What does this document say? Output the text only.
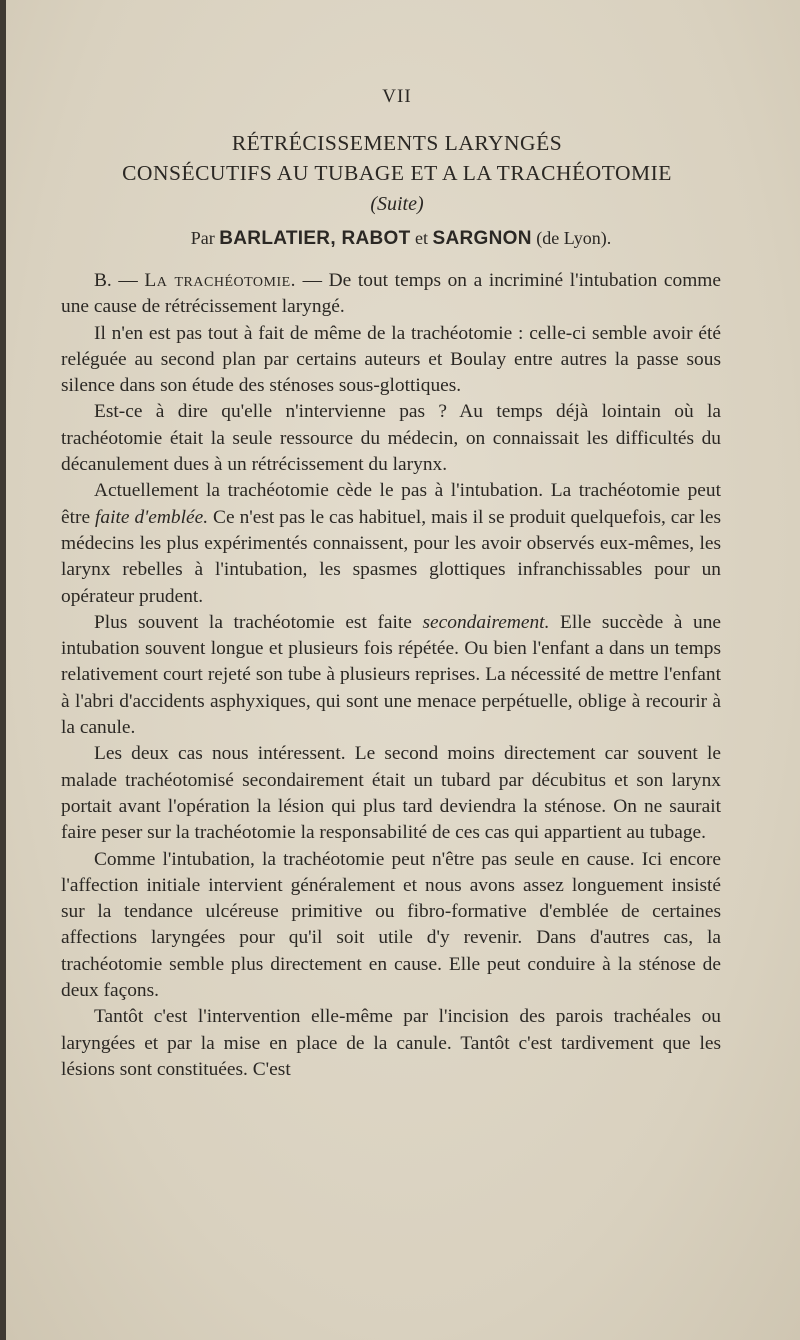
VII
RÉTRÉCISSEMENTS LARYNGÉS
CONSÉCUTIFS AU TUBAGE ET A LA TRACHÉOTOMIE
(Suite)
Par BARLATIER, RABOT et SARGNON (de Lyon).

B. — La trachéotomie. — De tout temps on a incriminé l'intubation comme une cause de rétrécissement laryngé.

Il n'en est pas tout à fait de même de la trachéotomie : celle-ci semble avoir été reléguée au second plan par certains auteurs et Boulay entre autres la passe sous silence dans son étude des sténoses sous-glottiques.

Est-ce à dire qu'elle n'intervienne pas ? Au temps déjà lointain où la trachéotomie était la seule ressource du médecin, on connaissait les difficultés du décanulement dues à un rétrécissement du larynx.

Actuellement la trachéotomie cède le pas à l'intubation. La trachéotomie peut être faite d'emblée. Ce n'est pas le cas habituel, mais il se produit quelquefois, car les médecins les plus expérimentés connaissent, pour les avoir observés eux-mêmes, les larynx rebelles à l'intubation, les spasmes glottiques infranchissables pour un opérateur prudent.

Plus souvent la trachéotomie est faite secondairement. Elle succède à une intubation souvent longue et plusieurs fois répétée. Ou bien l'enfant a dans un temps relativement court rejeté son tube à plusieurs reprises. La nécessité de mettre l'enfant à l'abri d'accidents asphyxiques, qui sont une menace perpétuelle, oblige à recourir à la canule.

Les deux cas nous intéressent. Le second moins directement car souvent le malade trachéotomisé secondairement était un tubard par décubitus et son larynx portait avant l'opération la lésion qui plus tard deviendra la sténose. On ne saurait faire peser sur la trachéotomie la responsabilité de ces cas qui appartient au tubage.

Comme l'intubation, la trachéotomie peut n'être pas seule en cause. Ici encore l'affection initiale intervient généralement et nous avons assez longuement insisté sur la tendance ulcéreuse primitive ou fibro-formative d'emblée de certaines affections laryngées pour qu'il soit utile d'y revenir. Dans d'autres cas, la trachéotomie semble plus directement en cause. Elle peut conduire à la sténose de deux façons.

Tantôt c'est l'intervention elle-même par l'incision des parois trachéales ou laryngées et par la mise en place de la canule. Tantôt c'est tardivement que les lésions sont constituées. C'est
